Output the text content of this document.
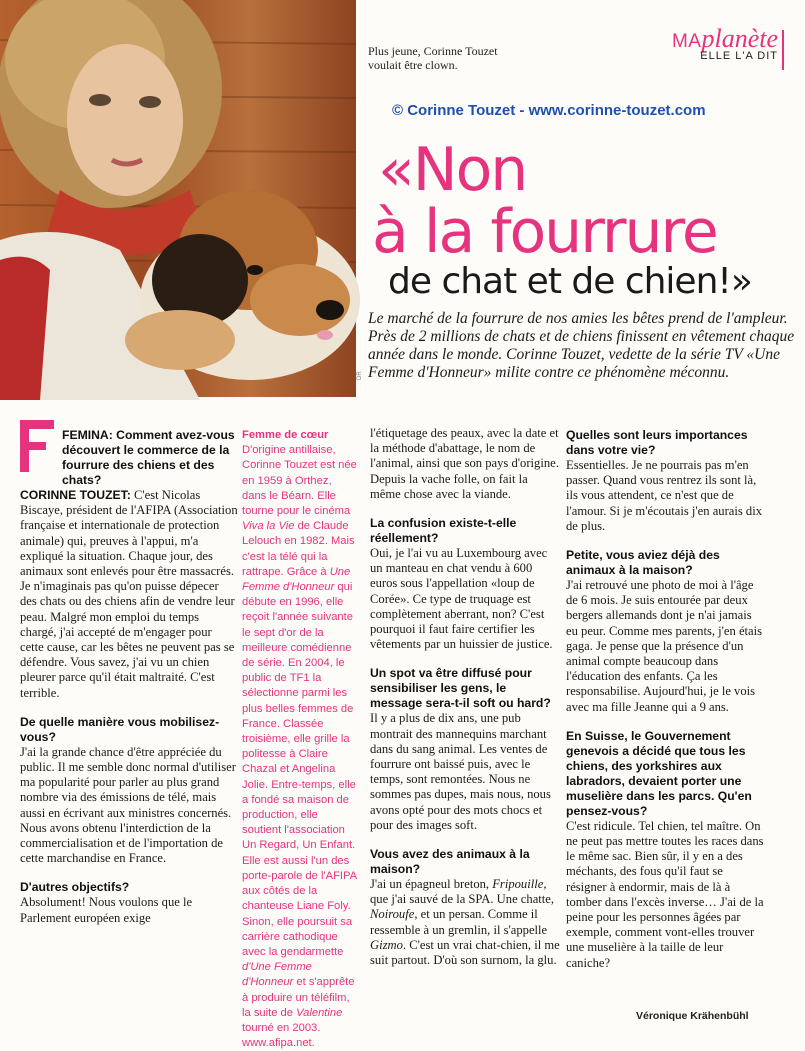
DR
Plus jeune, Corinne Touzet voulait être clown.
MAplanète
ELLE L'A DIT
© Corinne Touzet - www.corinne-touzet.com
«Non
à la fourrure
de chat et de chien!»
Le marché de la fourrure de nos amies les bêtes prend de l'ampleur. Près de 2 millions de chats et de chiens finissent en vêtement chaque année dans le monde. Corinne Touzet, vedette de la série TV «Une Femme d'Honneur» milite contre ce phénomène méconnu.

FEMINA: Comment avez-vous découvert le commerce de la fourrure des chiens et des chats?

CORINNE TOUZET: C'est Nicolas Biscaye, président de l'AFIPA (Association française et internationale de protection animale) qui, preuves à l'appui, m'a expliqué la situation. Chaque jour, des animaux sont enlevés pour être massacrés. Je n'imaginais pas qu'on puisse dépecer des chats ou des chiens afin de vendre leur peau. Malgré mon emploi du temps chargé, j'ai accepté de m'engager pour cette cause, car les bêtes ne peuvent pas se défendre. Vous savez, j'ai vu un chien pleurer parce qu'il était maltraité. C'est terrible.

De quelle manière vous mobilisez-vous?

J'ai la grande chance d'être appréciée du public. Il me semble donc normal d'utiliser ma popularité pour parler au plus grand nombre via des émissions de télé, mais aussi en écrivant aux ministres concernés. Nous avons obtenu l'interdiction de la commercialisation et de l'importation de cette marchandise en France.

D'autres objectifs?

Absolument! Nous voulons que le Parlement européen exige

Femme de cœur

D'origine antillaise, Corinne Touzet est née en 1959 à Orthez, dans le Béarn. Elle tourne pour le cinéma Viva la Vie de Claude Lelouch en 1982. Mais c'est la télé qui la rattrape. Grâce à Une Femme d'Honneur qui débute en 1996, elle reçoit l'année suivante le sept d'or de la meilleure comédienne de série. En 2004, le public de TF1 la sélectionne parmi les plus belles femmes de France. Classée troisième, elle grille la politesse à Claire Chazal et Angelina Jolie. Entre-temps, elle a fondé sa maison de production, elle soutient l'association Un Regard, Un Enfant. Elle est aussi l'un des porte-parole de l'AFIPA aux côtés de la chanteuse Liane Foly. Sinon, elle poursuit sa carrière cathodique avec la gendarmette d'Une Femme d'Honneur et s'apprête à produire un téléfilm, la suite de Valentine tourné en 2003. www.afipa.net.

l'étiquetage des peaux, avec la date et la méthode d'abattage, le nom de l'animal, ainsi que son pays d'origine. Depuis la vache folle, on fait la même chose avec la viande.

La confusion existe-t-elle réellement?

Oui, je l'ai vu au Luxembourg avec un manteau en chat vendu à 600 euros sous l'appellation «loup de Corée». Ce type de truquage est complètement aberrant, non? C'est pourquoi il faut faire certifier les vêtements par un huissier de justice.

Un spot va être diffusé pour sensibiliser les gens, le message sera-t-il soft ou hard?

Il y a plus de dix ans, une pub montrait des mannequins marchant dans du sang animal. Les ventes de fourrure ont baissé puis, avec le temps, sont remontées. Nous ne sommes pas dupes, mais nous, nous avons opté pour des mots chocs et pour des images soft.

Vous avez des animaux à la maison?

J'ai un épagneul breton, Fripouille, que j'ai sauvé de la SPA. Une chatte, Noiroufe, et un persan. Comme il ressemble à un gremlin, il s'appelle Gizmo. C'est un vrai chat-chien, il me suit partout. D'où son surnom, la glu.

Quelles sont leurs importances dans votre vie?

Essentielles. Je ne pourrais pas m'en passer. Quand vous rentrez ils sont là, ils vous attendent, ce n'est que de l'amour. Si je m'écoutais j'en aurais dix de plus.

Petite, vous aviez déjà des animaux à la maison?

J'ai retrouvé une photo de moi à l'âge de 6 mois. Je suis entourée par deux bergers allemands dont je n'ai jamais eu peur. Comme mes parents, j'en étais gaga. Je pense que la présence d'un animal compte beaucoup dans l'éducation des enfants. Ça les responsabilise. Aujourd'hui, je le vois avec ma fille Jeanne qui a 9 ans.

En Suisse, le Gouvernement genevois a décidé que tous les chiens, des yorkshires aux labradors, devaient porter une muselière dans les parcs. Qu'en pensez-vous?

C'est ridicule. Tel chien, tel maître. On ne peut pas mettre toutes les races dans le même sac. Bien sûr, il y en a des méchants, des fous qu'il faut se résigner à endormir, mais de là à tomber dans l'excès inverse… J'ai de la peine pour les personnes âgées par exemple, comment vont-elles trouver une muselière à la taille de leur caniche?

Véronique Krähenbühl
